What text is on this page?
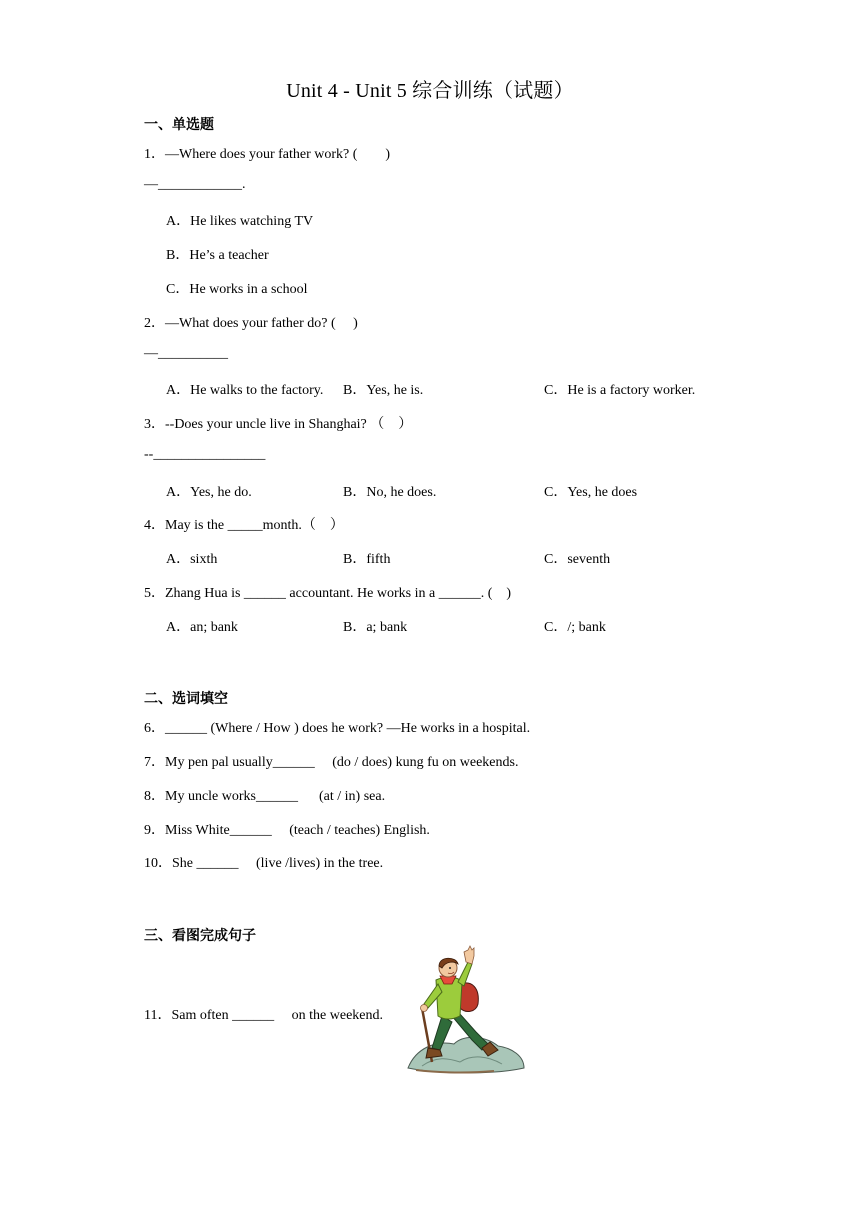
Unit 4 - Unit 5 综合训练（试题）
一、单选题
1．—Where does your father work? (        )
—____________.
A．He likes watching TV
B．He’s a teacher
C．He works in a school
2．—What does your father do? (     )
—__________
A．He walks to the factory. B．Yes, he is.	C．He is a factory worker.
3．--Does your uncle live in Shanghai? （    ）
--________________
A．Yes, he do.	B．No, he does.	C．Yes, he does
4．May is the _____month.（    ）
A．sixth	B．fifth	C．seventh
5．Zhang Hua is ______ accountant. He works in a ______. (    )
A．an; bank	B．a; bank	C．/; bank
二、选词填空
6．______ (Where / How ) does he work? —He works in a hospital.
7．My pen pal usually______     (do / does) kung fu on weekends.
8．My uncle works______      (at / in) sea.
9．Miss White______     (teach / teaches) English.
10．She ______     (live /lives) in the tree.
三、看图完成句子
11．Sam often ______     on the weekend.
